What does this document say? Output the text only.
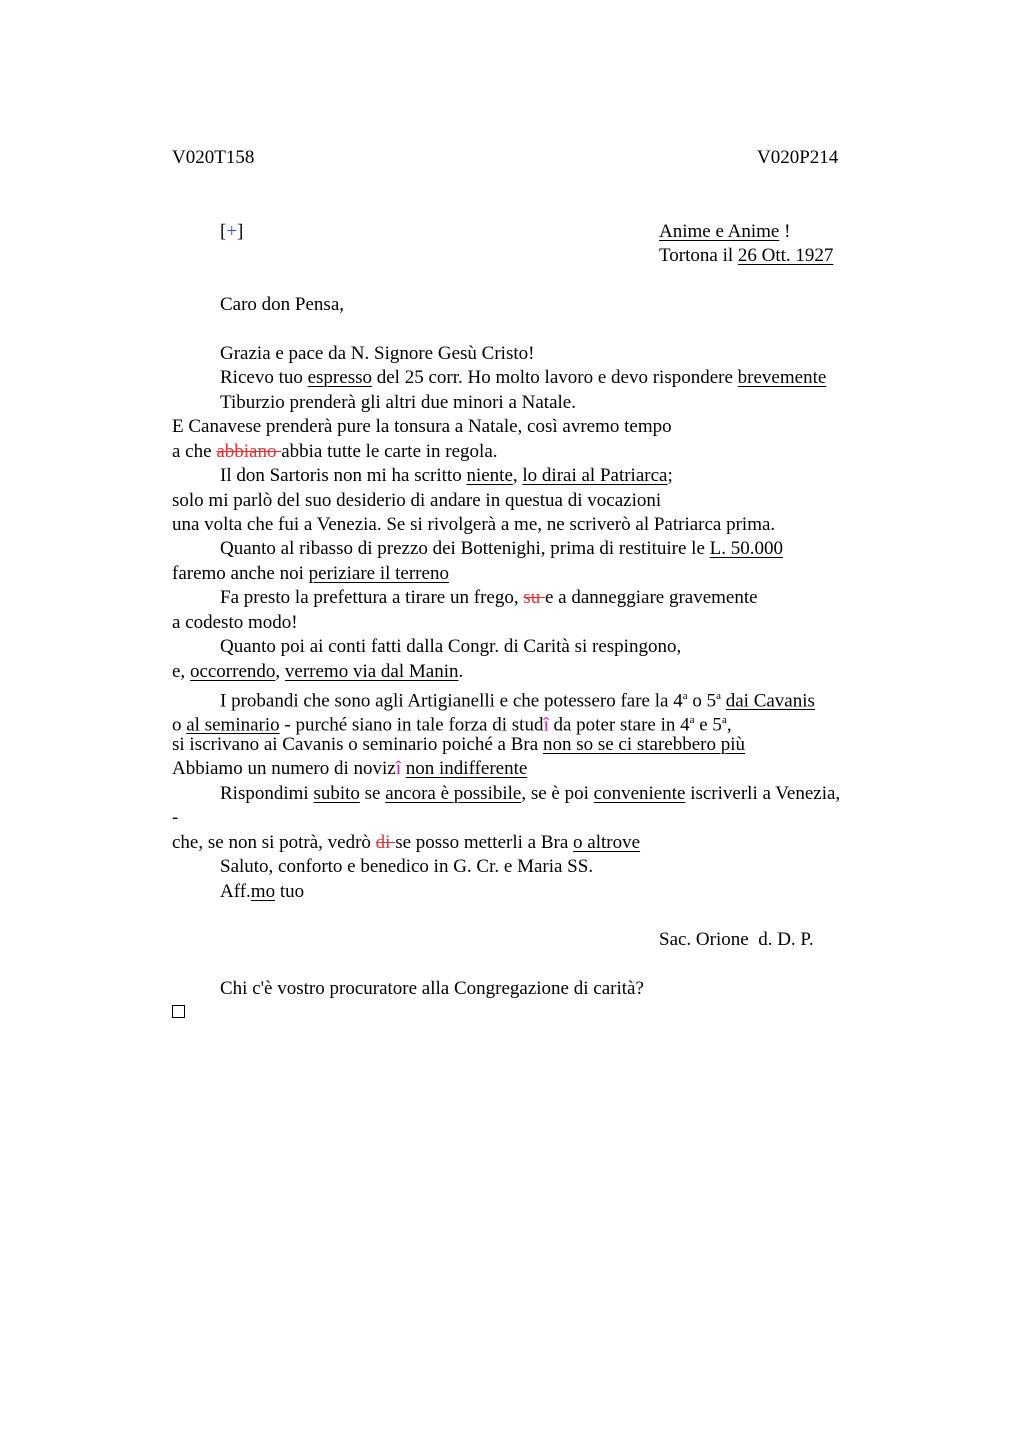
V020T158	V020P214
[+]	Anime e Anime !
Tortona il 26 Ott. 1927
Caro don Pensa,
Grazia e pace da N. Signore Gesù Cristo!
Ricevo tuo espresso del 25 corr. Ho molto lavoro e devo rispondere brevemente
Tiburzio prenderà gli altri due minori a Natale.
E Canavese prenderà pure la tonsura a Natale, così avremo tempo
a che abbiano abbia tutte le carte in regola.
Il don Sartoris non mi ha scritto niente, lo dirai al Patriarca;
solo mi parlò del suo desiderio di andare in questua di vocazioni
una volta che fui a Venezia. Se si rivolgerà a me, ne scriverò al Patriarca prima.
Quanto al ribasso di prezzo dei Bottenighi, prima di restituire le L. 50.000
faremo anche noi periziare il terreno
Fa presto la prefettura a tirare un frego, su e a danneggiare gravemente
a codesto modo!
Quanto poi ai conti fatti dalla Congr. di Carità si respingono,
e, occorrendo, verremo via dal Manin.
I probandi che sono agli Artigianelli e che potessero fare la 4$^a$ o 5$^a$ dai Cavanis
o al seminario - purché siano in tale forza di studî da poter stare in 4$^a$ e 5$^a$,
si iscrivano ai Cavanis o seminario poiché a Bra non so se ci starebbero più
Abbiamo un numero di novizî non indifferente
Rispondimi subito se ancora è possibile, se è poi conveniente iscriverli a Venezia,
-
che, se non si potrà, vedrò di se posso metterli a Bra o altrove
Saluto, conforto e benedico in G. Cr. e Maria SS.
Aff.mo tuo
Sac. Orione  d. D. P.
Chi c'è vostro procuratore alla Congregazione di carità?
